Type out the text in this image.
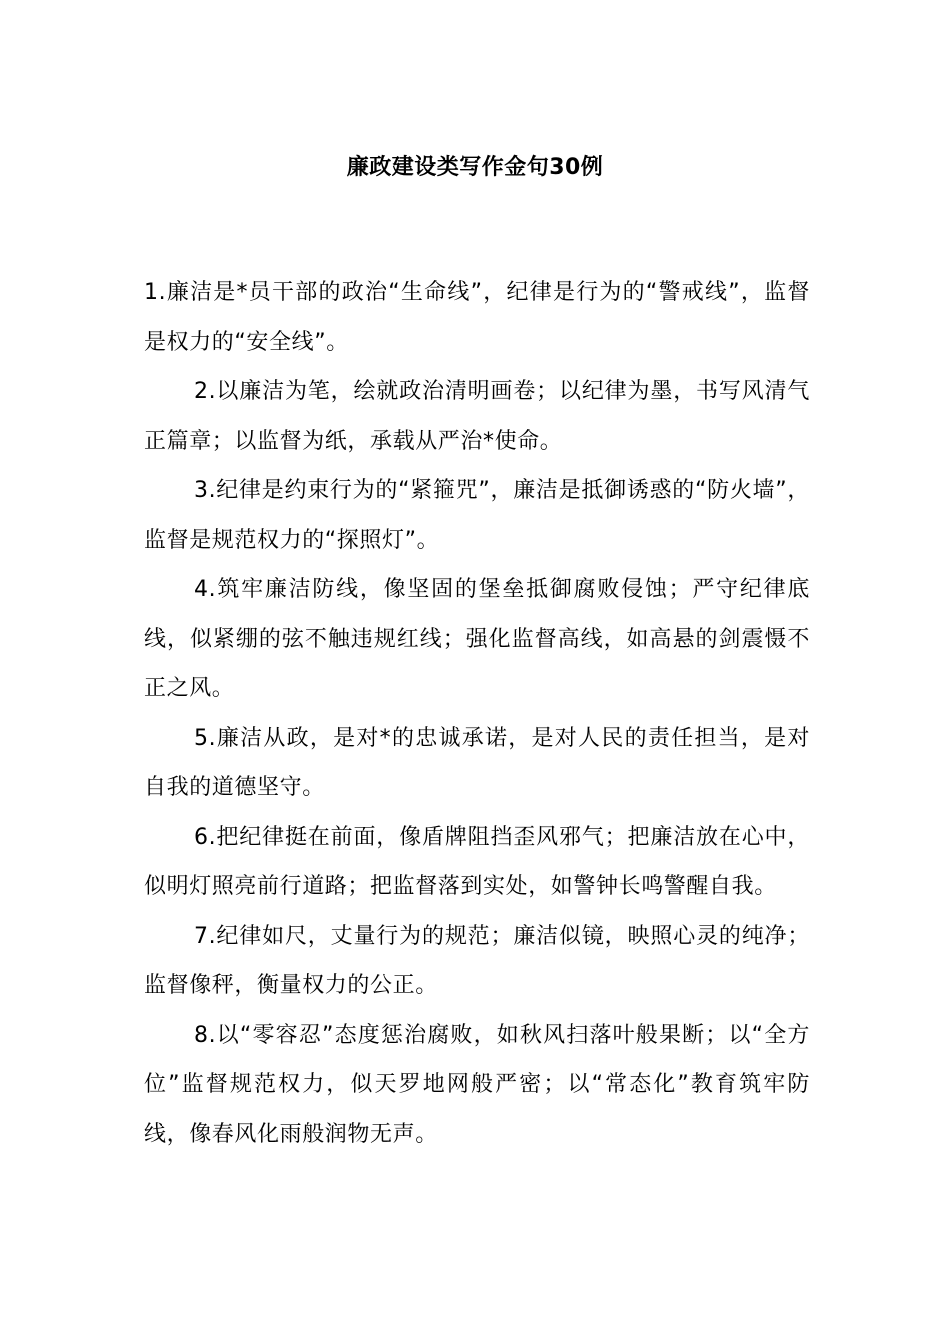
廉政建设类写作金句30例

1.廉洁是*员干部的政治“生命线”，纪律是行为的“警戒线”，监督是权力的“安全线”。

2.以廉洁为笔，绘就政治清明画卷；以纪律为墨，书写风清气正篇章；以监督为纸，承载从严治*使命。

3.纪律是约束行为的“紧箍咒”，廉洁是抵御诱惑的“防火墙”，监督是规范权力的“探照灯”。

4.筑牢廉洁防线，像坚固的堡垒抵御腐败侵蚀；严守纪律底线，似紧绷的弦不触违规红线；强化监督高线，如高悬的剑震慑不正之风。

5.廉洁从政，是对*的忠诚承诺，是对人民的责任担当，是对自我的道德坚守。

6.把纪律挺在前面，像盾牌阻挡歪风邪气；把廉洁放在心中，似明灯照亮前行道路；把监督落到实处，如警钟长鸣警醒自我。

7.纪律如尺，丈量行为的规范；廉洁似镜，映照心灵的纯净；监督像秤，衡量权力的公正。

8.以“零容忍”态度惩治腐败，如秋风扫落叶般果断；以“全方位”监督规范权力，似天罗地网般严密；以“常态化”教育筑牢防线，像春风化雨般润物无声。
